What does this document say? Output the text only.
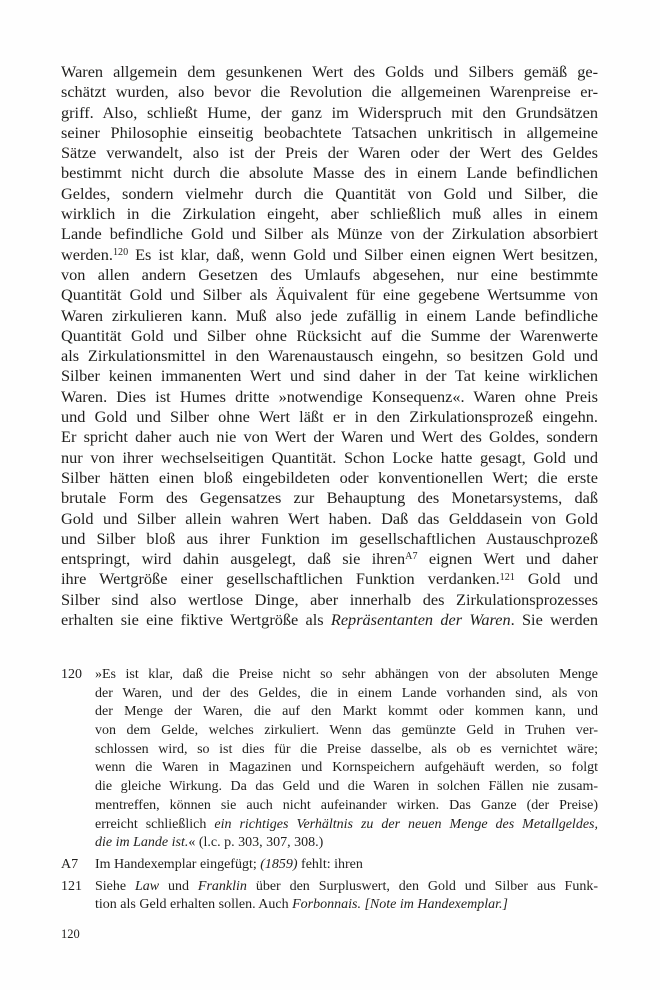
Waren allgemein dem gesunkenen Wert des Golds und Silbers gemäß ge-
schätzt wurden, also bevor die Revolution die allgemeinen Warenpreise er-
griff. Also, schließt Hume, der ganz im Widerspruch mit den Grundsätzen
seiner Philosophie einseitig beobachtete Tatsachen unkritisch in allgemeine
Sätze verwandelt, also ist der Preis der Waren oder der Wert des Geldes
bestimmt nicht durch die absolute Masse des in einem Lande befindlichen
Geldes, sondern vielmehr durch die Quantität von Gold und Silber, die
wirklich in die Zirkulation eingeht, aber schließlich muß alles in einem
Lande befindliche Gold und Silber als Münze von der Zirkulation absorbiert
werden.$^{120}$ Es ist klar, daß, wenn Gold und Silber einen eignen Wert besitzen,
von allen andern Gesetzen des Umlaufs abgesehen, nur eine bestimmte
Quantität Gold und Silber als Äquivalent für eine gegebene Wertsumme von
Waren zirkulieren kann. Muß also jede zufällig in einem Lande befindliche
Quantität Gold und Silber ohne Rücksicht auf die Summe der Warenwerte
als Zirkulationsmittel in den Warenaustausch eingehn, so besitzen Gold und
Silber keinen immanenten Wert und sind daher in der Tat keine wirklichen
Waren. Dies ist Humes dritte »notwendige Konsequenz«. Waren ohne Preis
und Gold und Silber ohne Wert läßt er in den Zirkulationsprozeß eingehn.
Er spricht daher auch nie von Wert der Waren und Wert des Goldes, sondern
nur von ihrer wechselseitigen Quantität. Schon Locke hatte gesagt, Gold und
Silber hätten einen bloß eingebildeten oder konventionellen Wert; die erste
brutale Form des Gegensatzes zur Behauptung des Monetarsystems, daß
Gold und Silber allein wahren Wert haben. Daß das Gelddasein von Gold
und Silber bloß aus ihrer Funktion im gesellschaftlichen Austauschprozeß
entspringt, wird dahin ausgelegt, daß sie ihren$^{A7}$ eignen Wert und daher
ihre Wertgröße einer gesellschaftlichen Funktion verdanken.$^{121}$ Gold und
Silber sind also wertlose Dinge, aber innerhalb des Zirkulationsprozesses
erhalten sie eine fiktive Wertgröße als Repräsentanten der Waren. Sie werden
120 »Es ist klar, daß die Preise nicht so sehr abhängen von der absoluten Menge
der Waren, und der des Geldes, die in einem Lande vorhanden sind, als von
der Menge der Waren, die auf den Markt kommt oder kommen kann, und
von dem Gelde, welches zirkuliert. Wenn das gemünzte Geld in Truhen ver-
schlossen wird, so ist dies für die Preise dasselbe, als ob es vernichtet wäre;
wenn die Waren in Magazinen und Kornspeichern aufgehäuft werden, so folgt
die gleiche Wirkung. Da das Geld und die Waren in solchen Fällen nie zusam-
mentreffen, können sie auch nicht aufeinander wirken. Das Ganze (der Preise)
erreicht schließlich ein richtiges Verhältnis zu der neuen Menge des Metallgeldes,
die im Lande ist.« (l.c. p. 303, 307, 308.)
A7 Im Handexemplar eingefügt; (1859) fehlt: ihren
121 Siehe Law und Franklin über den Surpluswert, den Gold und Silber aus Funk-
tion als Geld erhalten sollen. Auch Forbonnais. [Note im Handexemplar.]
120
